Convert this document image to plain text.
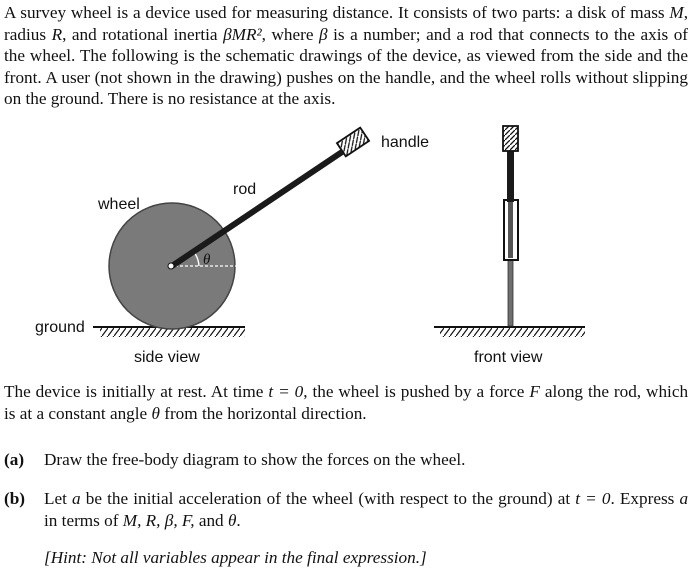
A survey wheel is a device used for measuring distance. It consists of two parts: a disk of mass M, radius R, and rotational inertia βMR², where β is a number; and a rod that connects to the axis of the wheel. The following is the schematic drawings of the device, as viewed from the side and the front. A user (not shown in the drawing) pushes on the handle, and the wheel rolls without slipping on the ground. There is no resistance at the axis.
wheel
rod
handle
ground
θ
side view	front view
The device is initially at rest. At time t = 0, the wheel is pushed by a force F along the rod, which is at a constant angle θ from the horizontal direction.
(a) Draw the free-body diagram to show the forces on the wheel.
(b) Let a be the initial acceleration of the wheel (with respect to the ground) at t = 0. Express a in terms of M, R, β, F, and θ.
[Hint: Not all variables appear in the final expression.]
